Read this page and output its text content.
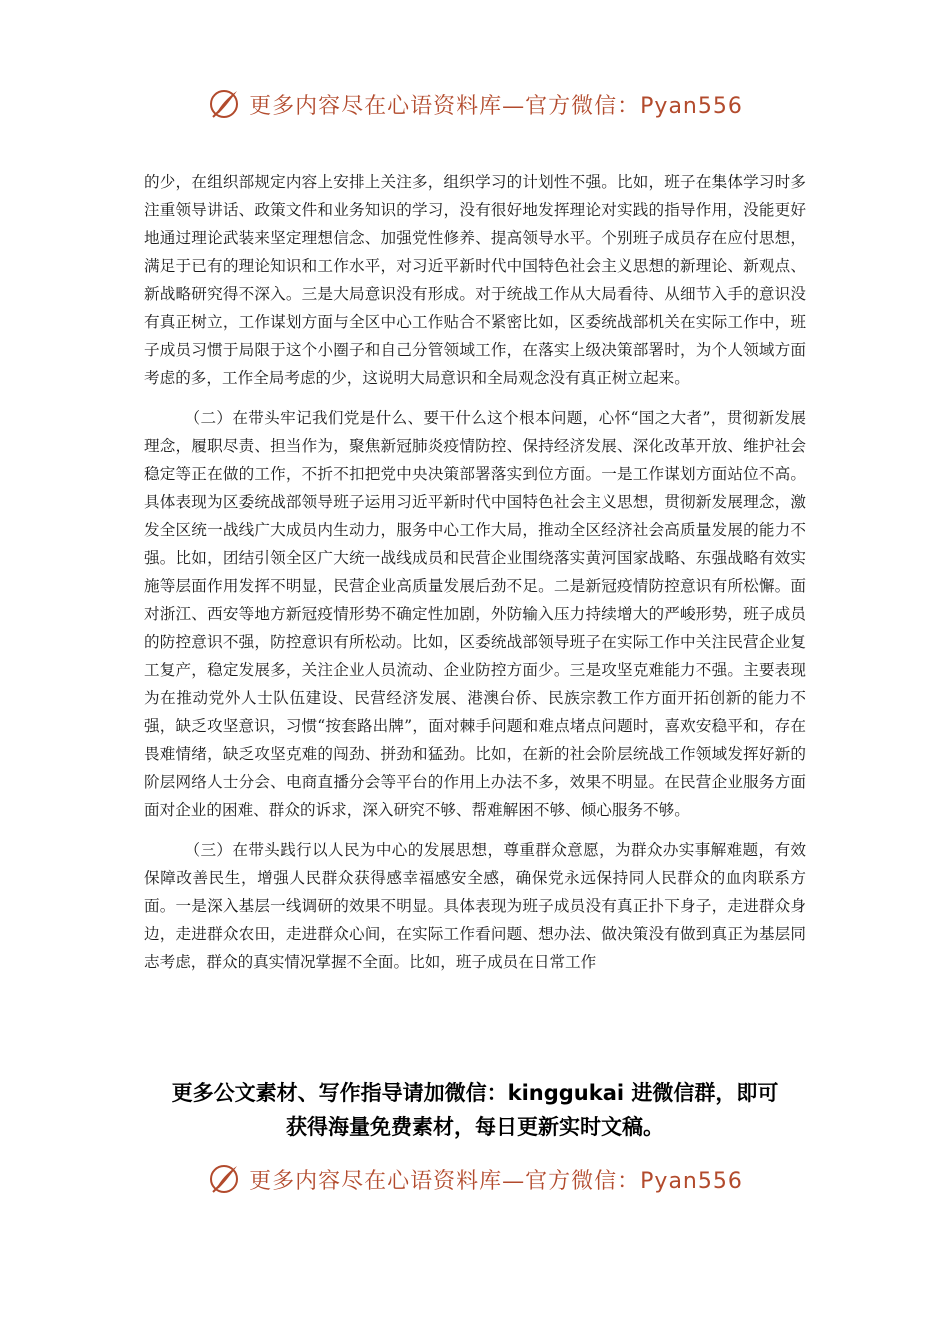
更多内容尽在心语资料库—官方微信：Pyan556

的少，在组织部规定内容上安排上关注多，组织学习的计划性不强。比如，班子在集体学习时多注重领导讲话、政策文件和业务知识的学习，没有很好地发挥理论对实践的指导作用，没能更好地通过理论武装来坚定理想信念、加强党性修养、提高领导水平。个别班子成员存在应付思想，满足于已有的理论知识和工作水平，对习近平新时代中国特色社会主义思想的新理论、新观点、新战略研究得不深入。三是大局意识没有形成。对于统战工作从大局看待、从细节入手的意识没有真正树立，工作谋划方面与全区中心工作贴合不紧密比如，区委统战部机关在实际工作中，班子成员习惯于局限于这个小圈子和自己分管领域工作，在落实上级决策部署时，为个人领域方面考虑的多，工作全局考虑的少，这说明大局意识和全局观念没有真正树立起来。

（二）在带头牢记我们党是什么、要干什么这个根本问题，心怀“国之大者”，贯彻新发展理念，履职尽责、担当作为，聚焦新冠肺炎疫情防控、保持经济发展、深化改革开放、维护社会稳定等正在做的工作，不折不扣把党中央决策部署落实到位方面。一是工作谋划方面站位不高。具体表现为区委统战部领导班子运用习近平新时代中国特色社会主义思想，贯彻新发展理念，激发全区统一战线广大成员内生动力，服务中心工作大局，推动全区经济社会高质量发展的能力不强。比如，团结引领全区广大统一战线成员和民营企业围绕落实黄河国家战略、东强战略有效实施等层面作用发挥不明显，民营企业高质量发展后劲不足。二是新冠疫情防控意识有所松懈。面对浙江、西安等地方新冠疫情形势不确定性加剧，外防输入压力持续增大的严峻形势，班子成员的防控意识不强，防控意识有所松动。比如，区委统战部领导班子在实际工作中关注民营企业复工复产，稳定发展多，关注企业人员流动、企业防控方面少。三是攻坚克难能力不强。主要表现为在推动党外人士队伍建设、民营经济发展、港澳台侨、民族宗教工作方面开拓创新的能力不强，缺乏攻坚意识，习惯“按套路出牌”，面对棘手问题和难点堵点问题时，喜欢安稳平和，存在畏难情绪，缺乏攻坚克难的闯劲、拼劲和猛劲。比如，在新的社会阶层统战工作领域发挥好新的阶层网络人士分会、电商直播分会等平台的作用上办法不多，效果不明显。在民营企业服务方面面对企业的困难、群众的诉求，深入研究不够、帮难解困不够、倾心服务不够。

（三）在带头践行以人民为中心的发展思想，尊重群众意愿，为群众办实事解难题，有效保障改善民生，增强人民群众获得感幸福感安全感，确保党永远保持同人民群众的血肉联系方面。一是深入基层一线调研的效果不明显。具体表现为班子成员没有真正扑下身子，走进群众身边，走进群众农田，走进群众心间，在实际工作看问题、想办法、做决策没有做到真正为基层同志考虑，群众的真实情况掌握不全面。比如，班子成员在日常工作

更多公文素材、写作指导请加微信：kinggukai 进微信群，即可
获得海量免费素材，每日更新实时文稿。
更多内容尽在心语资料库—官方微信：Pyan556
